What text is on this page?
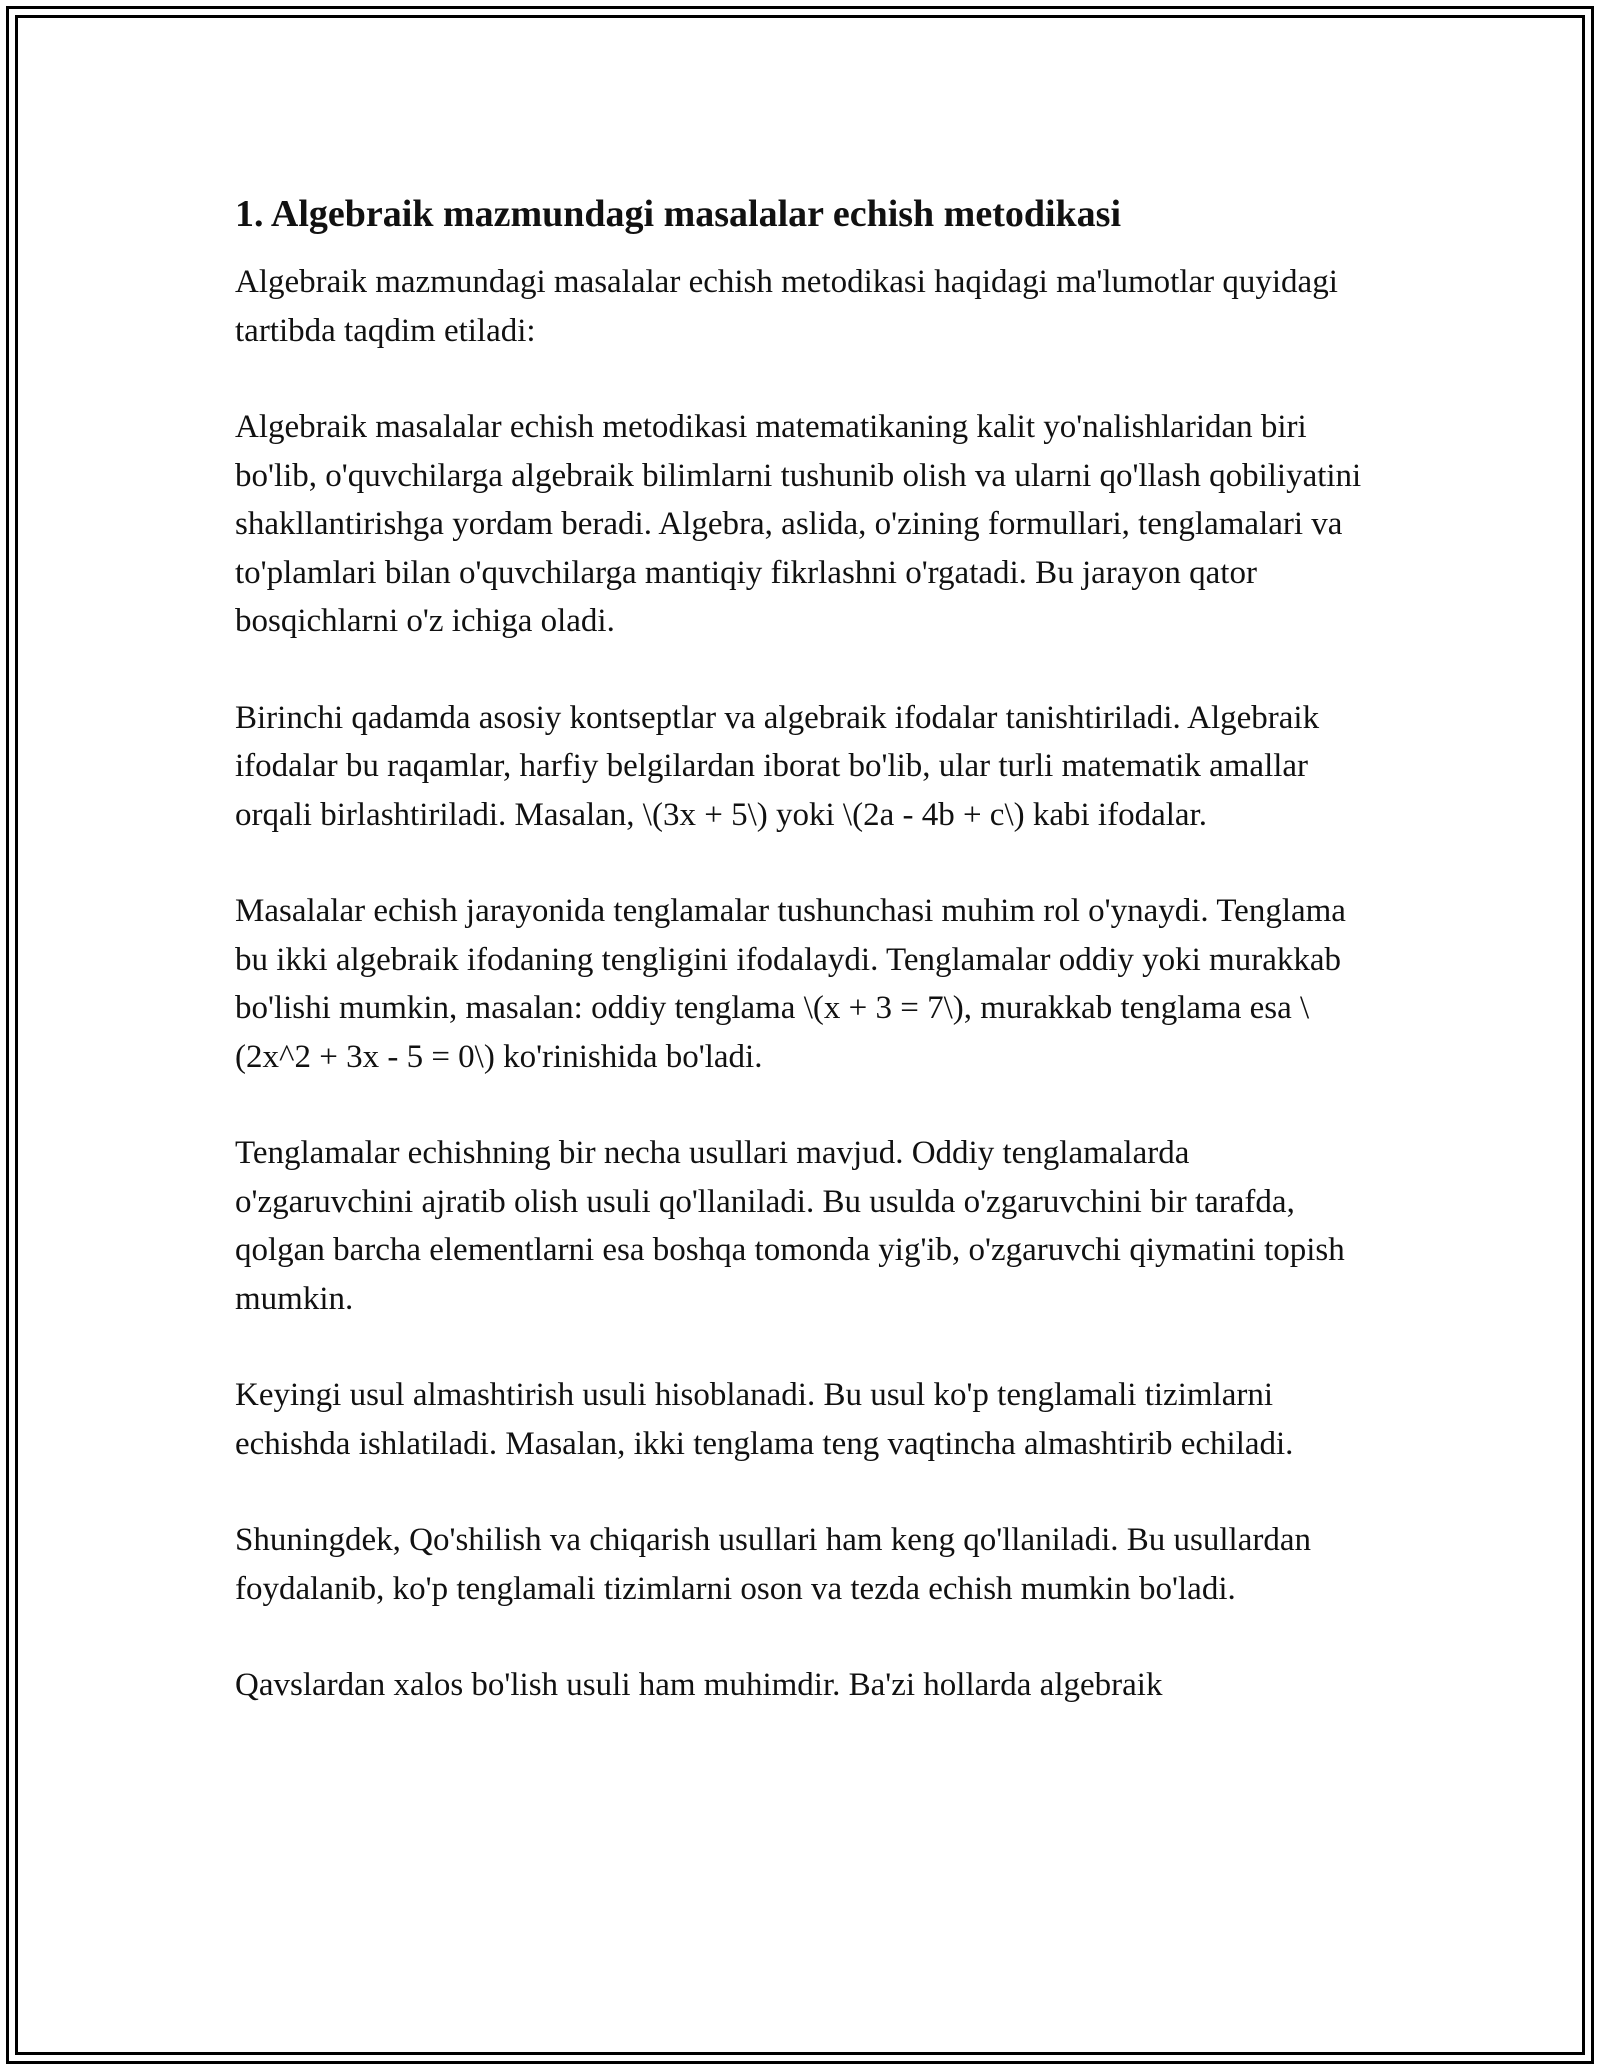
1. Algebraik mazmundagi masalalar echish metodikasi

Algebraik mazmundagi masalalar echish metodikasi haqidagi ma'lumotlar quyidagi tartibda taqdim etiladi:

Algebraik masalalar echish metodikasi matematikaning kalit yo'nalishlaridan biri bo'lib, o'quvchilarga algebraik bilimlarni tushunib olish va ularni qo'llash qobiliyatini shakllantirishga yordam beradi. Algebra, aslida, o'zining formullari, tenglamalari va to'plamlari bilan o'quvchilarga mantiqiy fikrlashni o'rgatadi. Bu jarayon qator bosqichlarni o'z ichiga oladi.

Birinchi qadamda asosiy kontseptlar va algebraik ifodalar tanishtiriladi. Algebraik ifodalar bu raqamlar, harfiy belgilardan iborat bo'lib, ular turli matematik amallar orqali birlashtiriladi. Masalan, \(3x + 5\) yoki \(2a - 4b + c\) kabi ifodalar.

Masalalar echish jarayonida tenglamalar tushunchasi muhim rol o'ynaydi. Tenglama bu ikki algebraik ifodaning tengligini ifodalaydi. Tenglamalar oddiy yoki murakkab bo'lishi mumkin, masalan: oddiy tenglama \(x + 3 = 7\), murakkab tenglama esa \(2x^2 + 3x - 5 = 0\) ko'rinishida bo'ladi.

Tenglamalar echishning bir necha usullari mavjud. Oddiy tenglamalarda o'zgaruvchini ajratib olish usuli qo'llaniladi. Bu usulda o'zgaruvchini bir tarafda, qolgan barcha elementlarni esa boshqa tomonda yig'ib, o'zgaruvchi qiymatini topish mumkin.

Keyingi usul almashtirish usuli hisoblanadi. Bu usul ko'p tenglamali tizimlarni echishda ishlatiladi. Masalan, ikki tenglama teng vaqtincha almashtirib echiladi.

Shuningdek, Qo'shilish va chiqarish usullari ham keng qo'llaniladi. Bu usullardan foydalanib, ko'p tenglamali tizimlarni oson va tezda echish mumkin bo'ladi.

Qavslardan xalos bo'lish usuli ham muhimdir. Ba'zi hollarda algebraik
